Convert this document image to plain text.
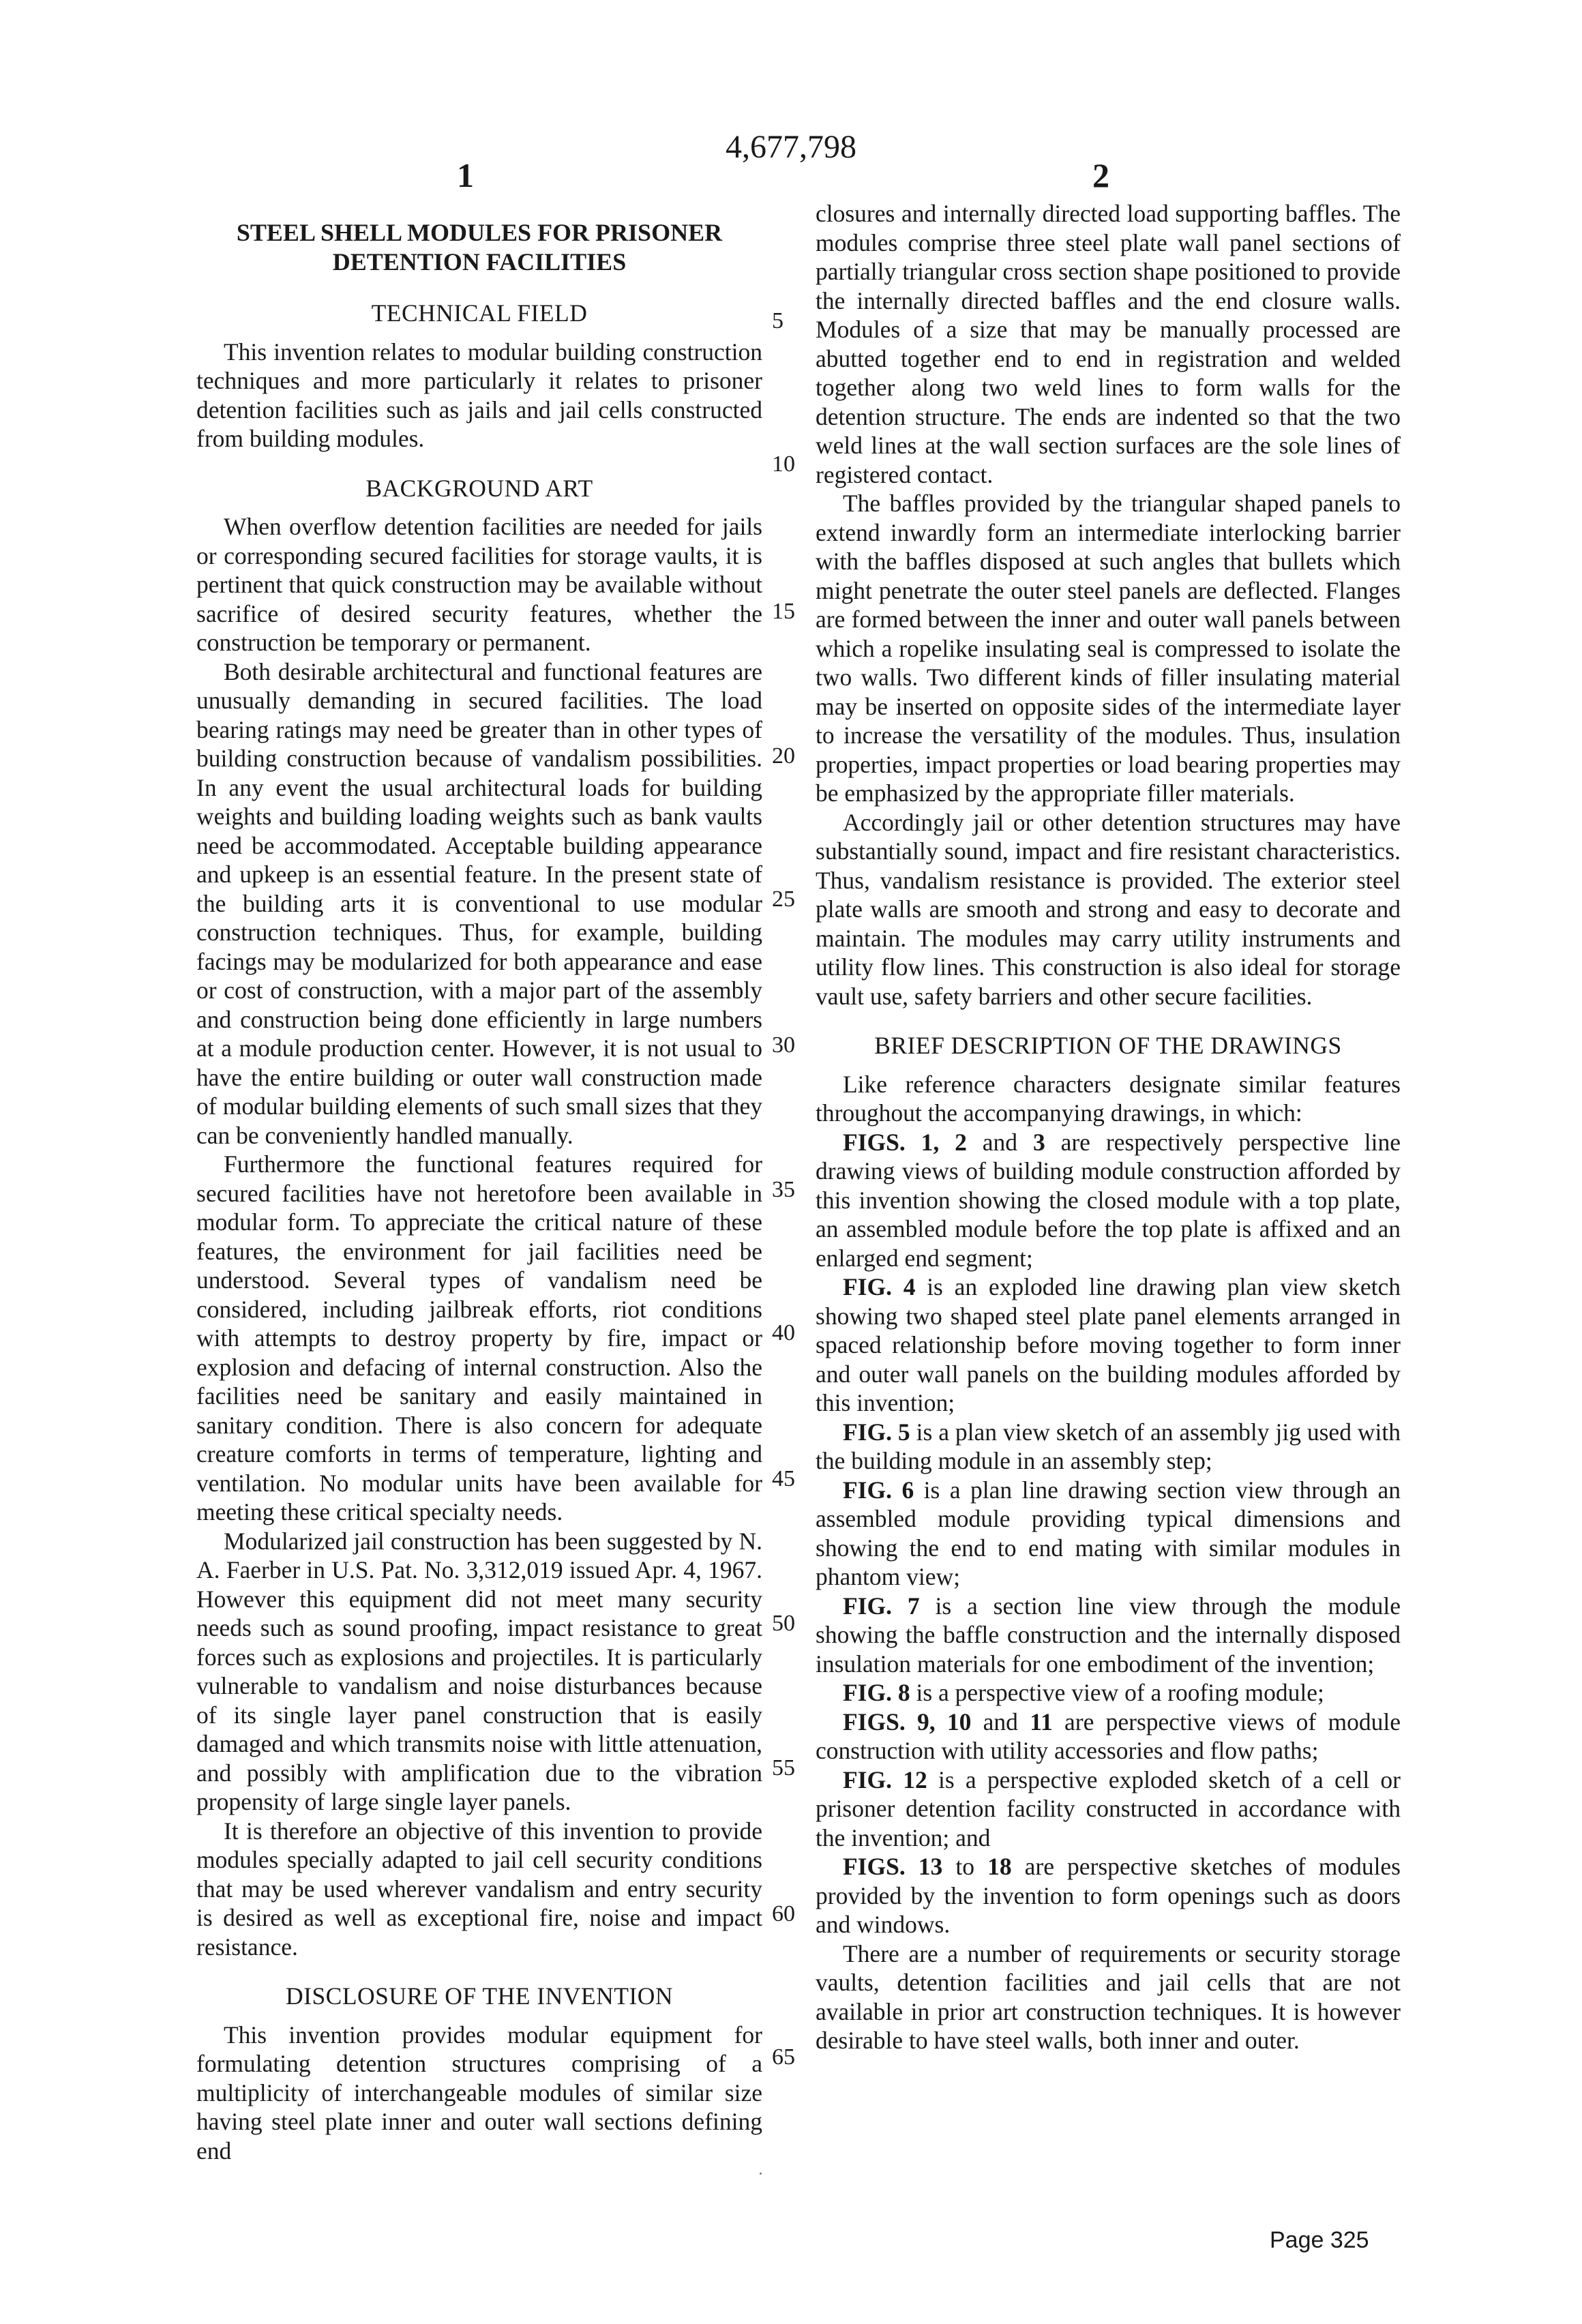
4,677,798
1	2

STEEL SHELL MODULES FOR PRISONER DETENTION FACILITIES

TECHNICAL FIELD

This invention relates to modular building construction techniques and more particularly it relates to prisoner detention facilities such as jails and jail cells constructed from building modules.

BACKGROUND ART

When overflow detention facilities are needed for jails or corresponding secured facilities for storage vaults, it is pertinent that quick construction may be available without sacrifice of desired security features, whether the construction be temporary or permanent.

Both desirable architectural and functional features are unusually demanding in secured facilities. The load bearing ratings may need be greater than in other types of building construction because of vandalism possibilities. In any event the usual architectural loads for building weights and building loading weights such as bank vaults need be accommodated. Acceptable building appearance and upkeep is an essential feature. In the present state of the building arts it is conventional to use modular construction techniques. Thus, for example, building facings may be modularized for both appearance and ease or cost of construction, with a major part of the assembly and construction being done efficiently in large numbers at a module production center. However, it is not usual to have the entire building or outer wall construction made of modular building elements of such small sizes that they can be conveniently handled manually.

Furthermore the functional features required for secured facilities have not heretofore been available in modular form. To appreciate the critical nature of these features, the environment for jail facilities need be understood. Several types of vandalism need be considered, including jailbreak efforts, riot conditions with attempts to destroy property by fire, impact or explosion and defacing of internal construction. Also the facilities need be sanitary and easily maintained in sanitary condition. There is also concern for adequate creature comforts in terms of temperature, lighting and ventilation. No modular units have been available for meeting these critical specialty needs.

Modularized jail construction has been suggested by N. A. Faerber in U.S. Pat. No. 3,312,019 issued Apr. 4, 1967. However this equipment did not meet many security needs such as sound proofing, impact resistance to great forces such as explosions and projectiles. It is particularly vulnerable to vandalism and noise disturbances because of its single layer panel construction that is easily damaged and which transmits noise with little attenuation, and possibly with amplification due to the vibration propensity of large single layer panels.

It is therefore an objective of this invention to provide modules specially adapted to jail cell security conditions that may be used wherever vandalism and entry security is desired as well as exceptional fire, noise and impact resistance.

DISCLOSURE OF THE INVENTION

This invention provides modular equipment for formulating detention structures comprising of a multiplicity of interchangeable modules of similar size having steel plate inner and outer wall sections defining end

closures and internally directed load supporting baffles. The modules comprise three steel plate wall panel sections of partially triangular cross section shape positioned to provide the internally directed baffles and the end closure walls. Modules of a size that may be manually processed are abutted together end to end in registration and welded together along two weld lines to form walls for the detention structure. The ends are indented so that the two weld lines at the wall section surfaces are the sole lines of registered contact.

The baffles provided by the triangular shaped panels to extend inwardly form an intermediate interlocking barrier with the baffles disposed at such angles that bullets which might penetrate the outer steel panels are deflected. Flanges are formed between the inner and outer wall panels between which a ropelike insulating seal is compressed to isolate the two walls. Two different kinds of filler insulating material may be inserted on opposite sides of the intermediate layer to increase the versatility of the modules. Thus, insulation properties, impact properties or load bearing properties may be emphasized by the appropriate filler materials.

Accordingly jail or other detention structures may have substantially sound, impact and fire resistant characteristics. Thus, vandalism resistance is provided. The exterior steel plate walls are smooth and strong and easy to decorate and maintain. The modules may carry utility instruments and utility flow lines. This construction is also ideal for storage vault use, safety barriers and other secure facilities.

BRIEF DESCRIPTION OF THE DRAWINGS

Like reference characters designate similar features throughout the accompanying drawings, in which:

FIGS. 1, 2 and 3 are respectively perspective line drawing views of building module construction afforded by this invention showing the closed module with a top plate, an assembled module before the top plate is affixed and an enlarged end segment;

FIG. 4 is an exploded line drawing plan view sketch showing two shaped steel plate panel elements arranged in spaced relationship before moving together to form inner and outer wall panels on the building modules afforded by this invention;

FIG. 5 is a plan view sketch of an assembly jig used with the building module in an assembly step;

FIG. 6 is a plan line drawing section view through an assembled module providing typical dimensions and showing the end to end mating with similar modules in phantom view;

FIG. 7 is a section line view through the module showing the baffle construction and the internally disposed insulation materials for one embodiment of the invention;

FIG. 8 is a perspective view of a roofing module;

FIGS. 9, 10 and 11 are perspective views of module construction with utility accessories and flow paths;

FIG. 12 is a perspective exploded sketch of a cell or prisoner detention facility constructed in accordance with the invention; and

FIGS. 13 to 18 are perspective sketches of modules provided by the invention to form openings such as doors and windows.

There are a number of requirements or security storage vaults, detention facilities and jail cells that are not available in prior art construction techniques. It is however desirable to have steel walls, both inner and outer.

5
10
15
20
25
30
35
40
45
50
55
60
65
Page 325
